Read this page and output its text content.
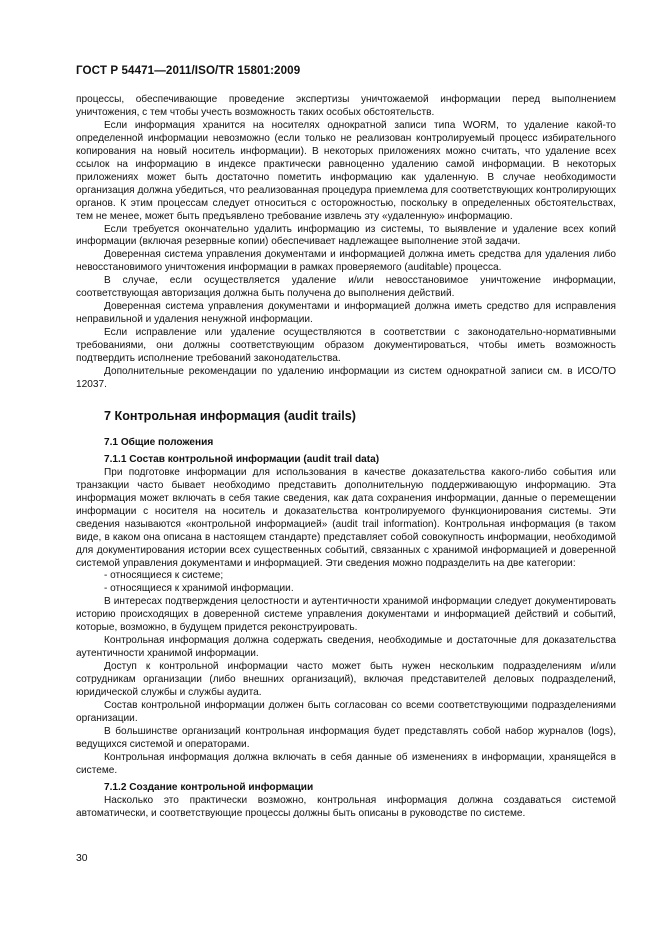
ГОСТ Р 54471—2011/ISO/TR 15801:2009

процессы, обеспечивающие проведение экспертизы уничтожаемой информации перед выполнением уничтожения, с тем чтобы учесть возможность таких особых обстоятельств.

Если информация хранится на носителях однократной записи типа WORM, то удаление какой-то определенной информации невозможно (если только не реализован контролируемый процесс избирательного копирования на новый носитель информации). В некоторых приложениях можно считать, что удаление всех ссылок на информацию в индексе практически равноценно удалению самой информации. В некоторых приложениях может быть достаточно пометить информацию как удаленную. В случае необходимости организация должна убедиться, что реализованная процедура приемлема для соответствующих контролирующих органов. К этим процессам следует относиться с осторожностью, поскольку в определенных обстоятельствах, тем не менее, может быть предъявлено требование извлечь эту «удаленную» информацию.

Если требуется окончательно удалить информацию из системы, то выявление и удаление всех копий информации (включая резервные копии) обеспечивает надлежащее выполнение этой задачи.

Доверенная система управления документами и информацией должна иметь средства для удаления либо невосстановимого уничтожения информации в рамках проверяемого (auditable) процесса.

В случае, если осуществляется удаление и/или невосстановимое уничтожение информации, соответствующая авторизация должна быть получена до выполнения действий.

Доверенная система управления документами и информацией должна иметь средство для исправления неправильной и удаления ненужной информации.

Если исправление или удаление осуществляются в соответствии с законодательно-нормативными требованиями, они должны соответствующим образом документироваться, чтобы иметь возможность подтвердить исполнение требований законодательства.

Дополнительные рекомендации по удалению информации из систем однократной записи см. в ИСО/ТО 12037.

7 Контрольная информация (audit trails)

7.1 Общие положения

7.1.1 Состав контрольной информации (audit trail data)

При подготовке информации для использования в качестве доказательства какого-либо события или транзакции часто бывает необходимо представить дополнительную поддерживающую информацию. Эта информация может включать в себя такие сведения, как дата сохранения информации, данные о перемещении информации с носителя на носитель и доказательства контролируемого функционирования системы. Эти сведения называются «контрольной информацией» (audit trail information). Контрольная информация (в таком виде, в каком она описана в настоящем стандарте) представляет собой совокупность информации, необходимой для документирования истории всех существенных событий, связанных с хранимой информацией и доверенной системой управления документами и информацией. Эти сведения можно подразделить на две категории:

- относящиеся к системе;

- относящиеся к хранимой информации.

В интересах подтверждения целостности и аутентичности хранимой информации следует документировать историю происходящих в доверенной системе управления документами и информацией действий и событий, которые, возможно, в будущем придется реконструировать.

Контрольная информация должна содержать сведения, необходимые и достаточные для доказательства аутентичности хранимой информации.

Доступ к контрольной информации часто может быть нужен нескольким подразделениям и/или сотрудникам организации (либо внешних организаций), включая представителей деловых подразделений, юридической службы и службы аудита.

Состав контрольной информации должен быть согласован со всеми соответствующими подразделениями организации.

В большинстве организаций контрольная информация будет представлять собой набор журналов (logs), ведущихся системой и операторами.

Контрольная информация должна включать в себя данные об изменениях в информации, хранящейся в системе.

7.1.2 Создание контрольной информации

Насколько это практически возможно, контрольная информация должна создаваться системой автоматически, и соответствующие процессы должны быть описаны в руководстве по системе.

30
